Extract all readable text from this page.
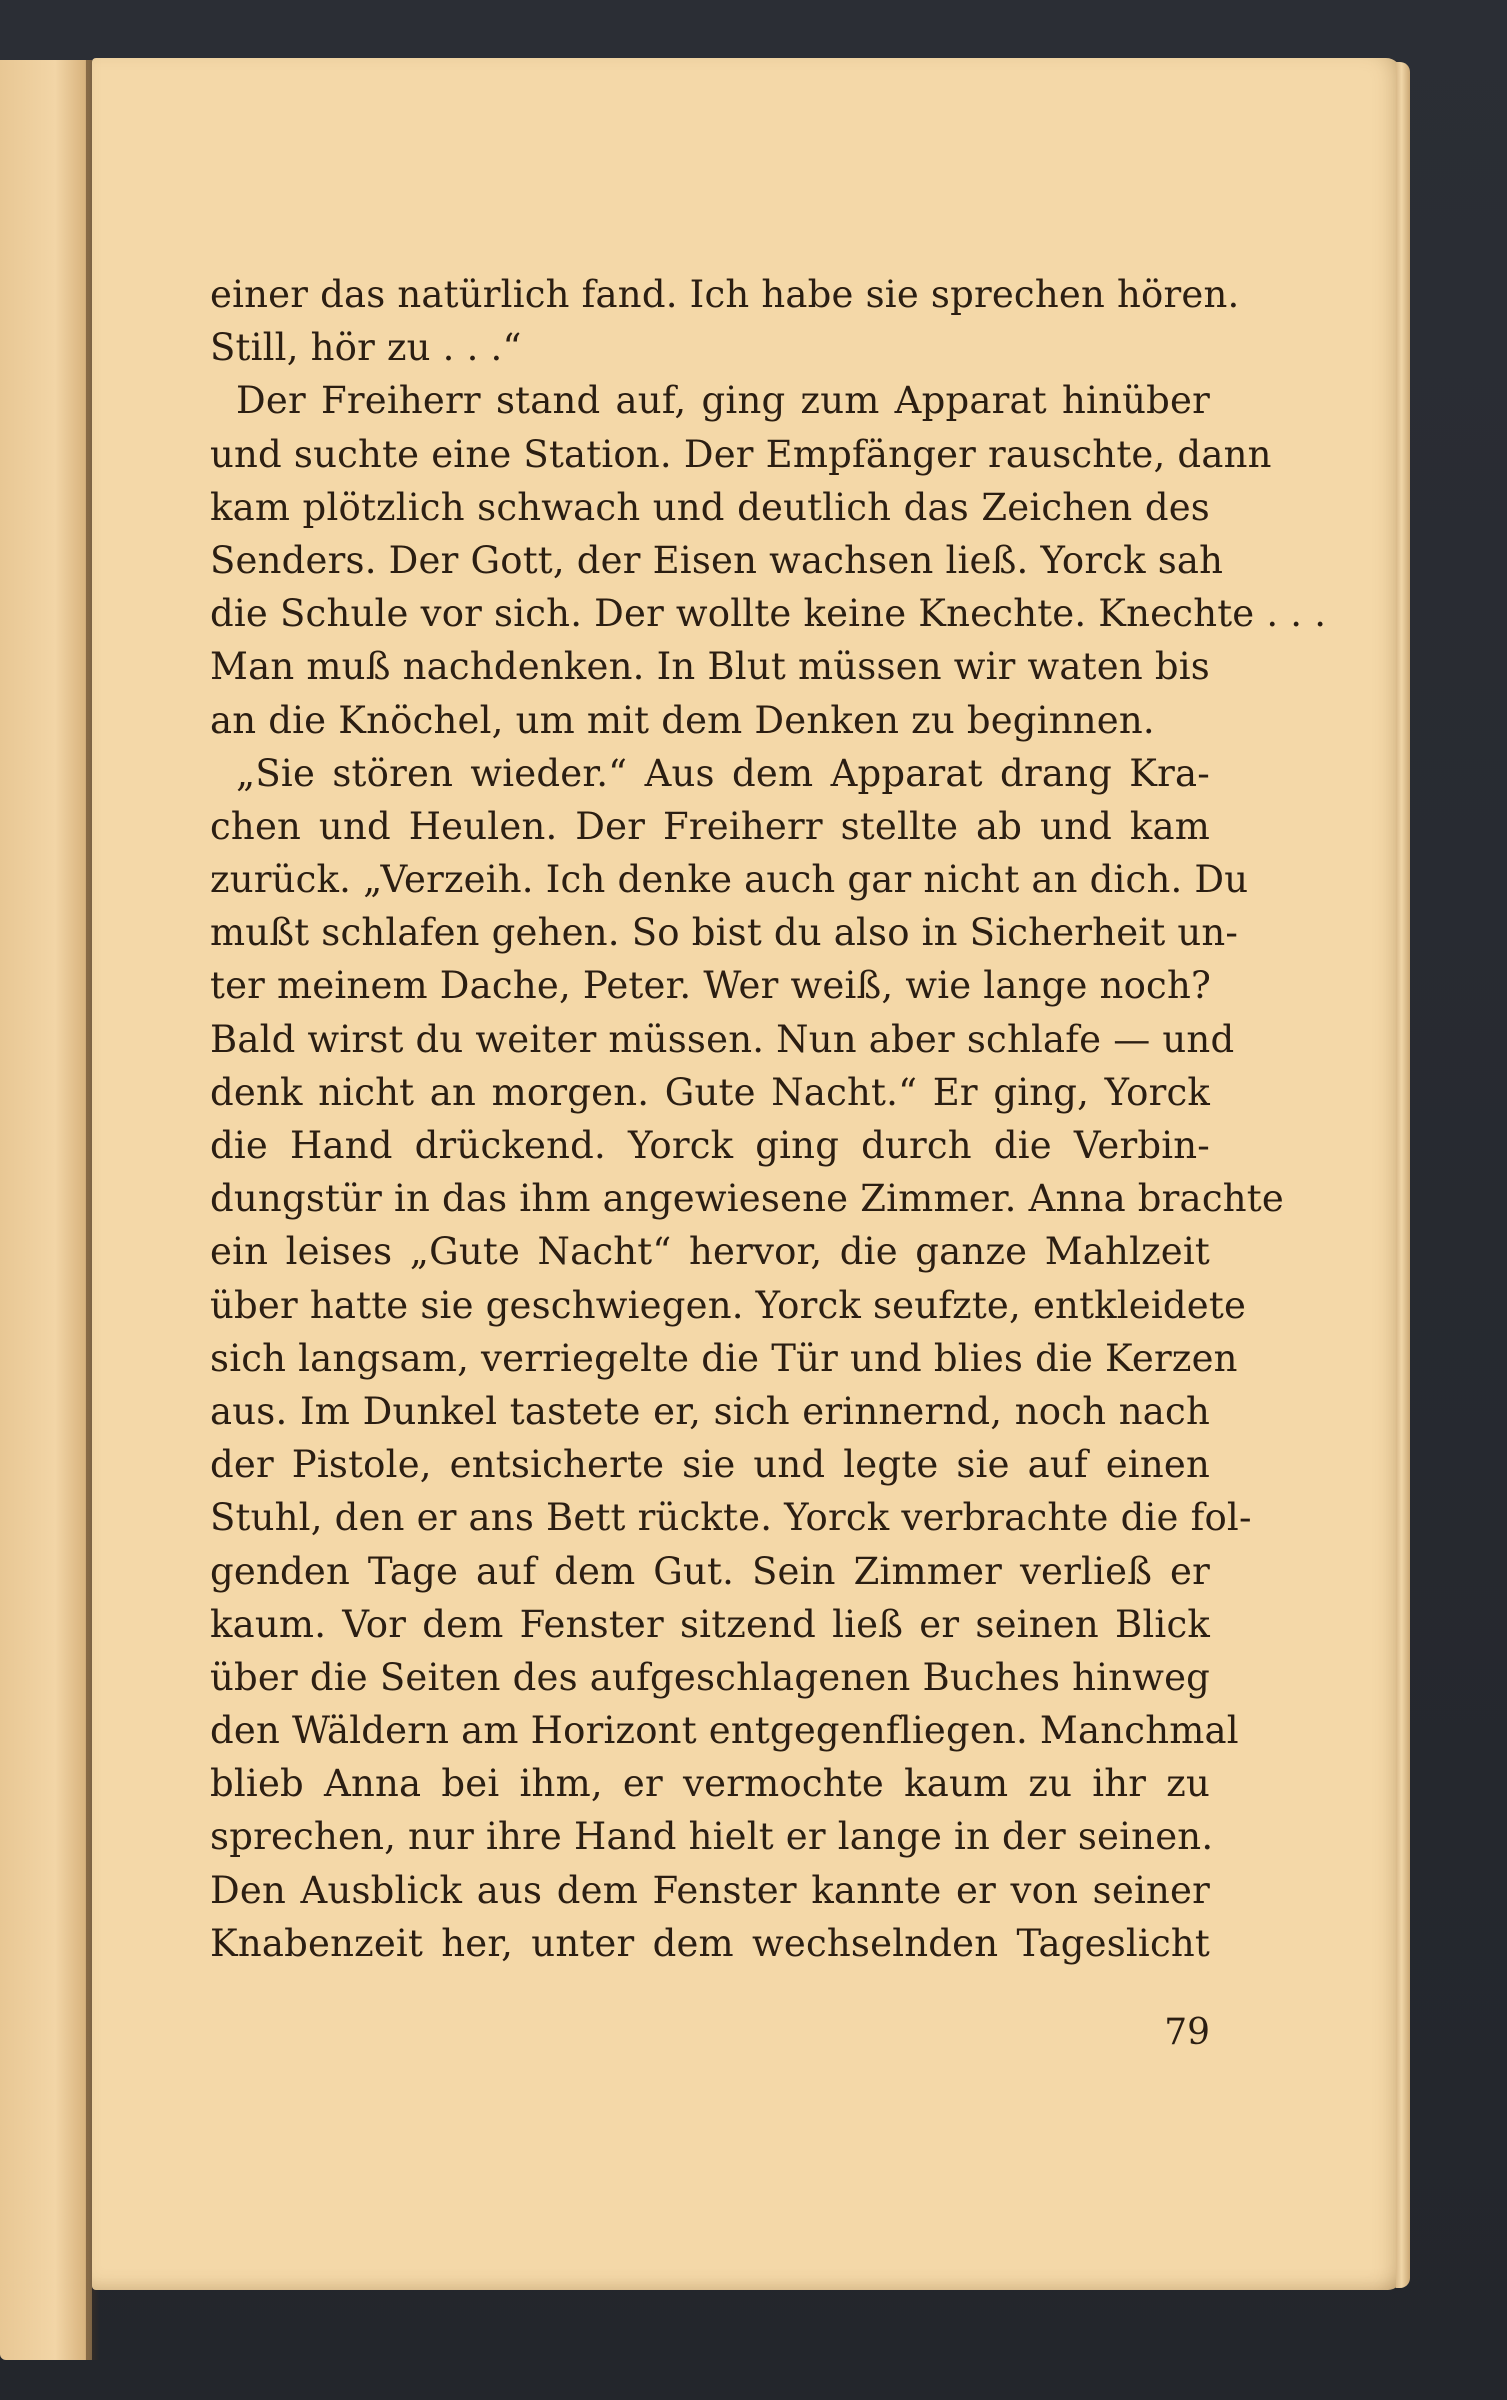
einer das natürlich fand. Ich habe sie sprechen hören.
Still, hör zu . . .“
Der Freiherr stand auf, ging zum Apparat hinüber
und suchte eine Station. Der Empfänger rauschte, dann
kam plötzlich schwach und deutlich das Zeichen des
Senders. Der Gott, der Eisen wachsen ließ. Yorck sah
die Schule vor sich. Der wollte keine Knechte. Knechte . . .
Man muß nachdenken. In Blut müssen wir waten bis
an die Knöchel, um mit dem Denken zu beginnen.
„Sie stören wieder.“ Aus dem Apparat drang Kra-
chen und Heulen. Der Freiherr stellte ab und kam
zurück. „Verzeih. Ich denke auch gar nicht an dich. Du
mußt schlafen gehen. So bist du also in Sicherheit un-
ter meinem Dache, Peter. Wer weiß, wie lange noch?
Bald wirst du weiter müssen. Nun aber schlafe — und
denk nicht an morgen. Gute Nacht.“ Er ging, Yorck
die Hand drückend. Yorck ging durch die Verbin-
dungstür in das ihm angewiesene Zimmer. Anna brachte
ein leises „Gute Nacht“ hervor, die ganze Mahlzeit
über hatte sie geschwiegen. Yorck seufzte, entkleidete
sich langsam, verriegelte die Tür und blies die Kerzen
aus. Im Dunkel tastete er, sich erinnernd, noch nach
der Pistole, entsicherte sie und legte sie auf einen
Stuhl, den er ans Bett rückte. Yorck verbrachte die fol-
genden Tage auf dem Gut. Sein Zimmer verließ er
kaum. Vor dem Fenster sitzend ließ er seinen Blick
über die Seiten des aufgeschlagenen Buches hinweg
den Wäldern am Horizont entgegenfliegen. Manchmal
blieb Anna bei ihm, er vermochte kaum zu ihr zu
sprechen, nur ihre Hand hielt er lange in der seinen.
Den Ausblick aus dem Fenster kannte er von seiner
Knabenzeit her, unter dem wechselnden Tageslicht
79
